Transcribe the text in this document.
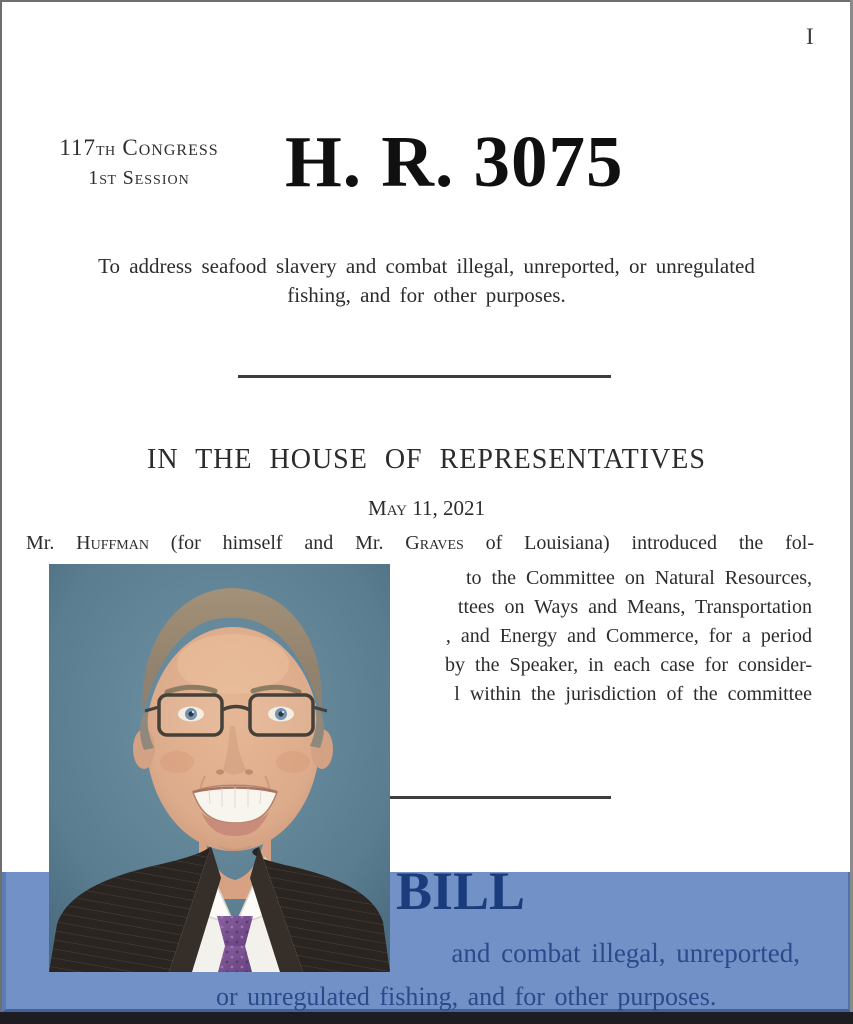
I
117TH Congress
1ST Session	H. R. 3075
To address seafood slavery and combat illegal, unreported, or unregulated
fishing, and for other purposes.
IN THE HOUSE OF REPRESENTATIVES
May 11, 2021
Mr. Huffman (for himself and Mr. Graves of Louisiana) introduced the fol-
to the Committee on Natural Resources,
ttees on Ways and Means, Transportation
, and Energy and Commerce, for a period
by the Speaker, in each case for consider-
l within the jurisdiction of the committee
BILL
and combat illegal, unreported,
or unregulated fishing, and for other purposes.
